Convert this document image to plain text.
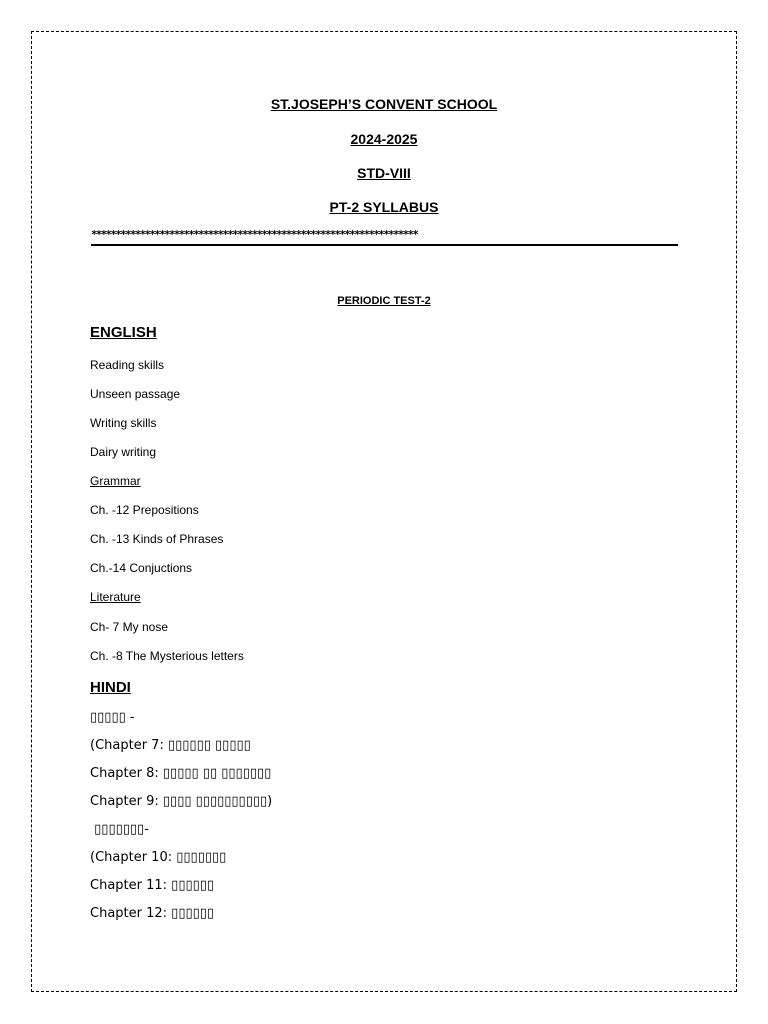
ST.JOSEPH’S CONVENT SCHOOL
2024-2025
STD-VIII
PT-2 SYLLABUS
*******************************************************************
PERIODIC TEST-2
ENGLISH
Reading skills
Unseen passage
Writing skills
Dairy writing
Grammar
Ch. -12 Prepositions
Ch. -13 Kinds of Phrases
Ch.-14 Conjuctions
Literature
Ch- 7 My nose
Ch. -8 The Mysterious letters
HINDI
▯▯▯▯▯ -
(Chapter 7: ▯▯▯▯▯▯ ▯▯▯▯▯
Chapter 8: ▯▯▯▯▯ ▯▯ ▯▯▯▯▯▯▯
Chapter 9: ▯▯▯▯ ▯▯▯▯▯▯▯▯▯▯)
▯▯▯▯▯▯▯-
(Chapter 10: ▯▯▯▯▯▯▯
Chapter 11: ▯▯▯▯▯▯
Chapter 12: ▯▯▯▯▯▯
